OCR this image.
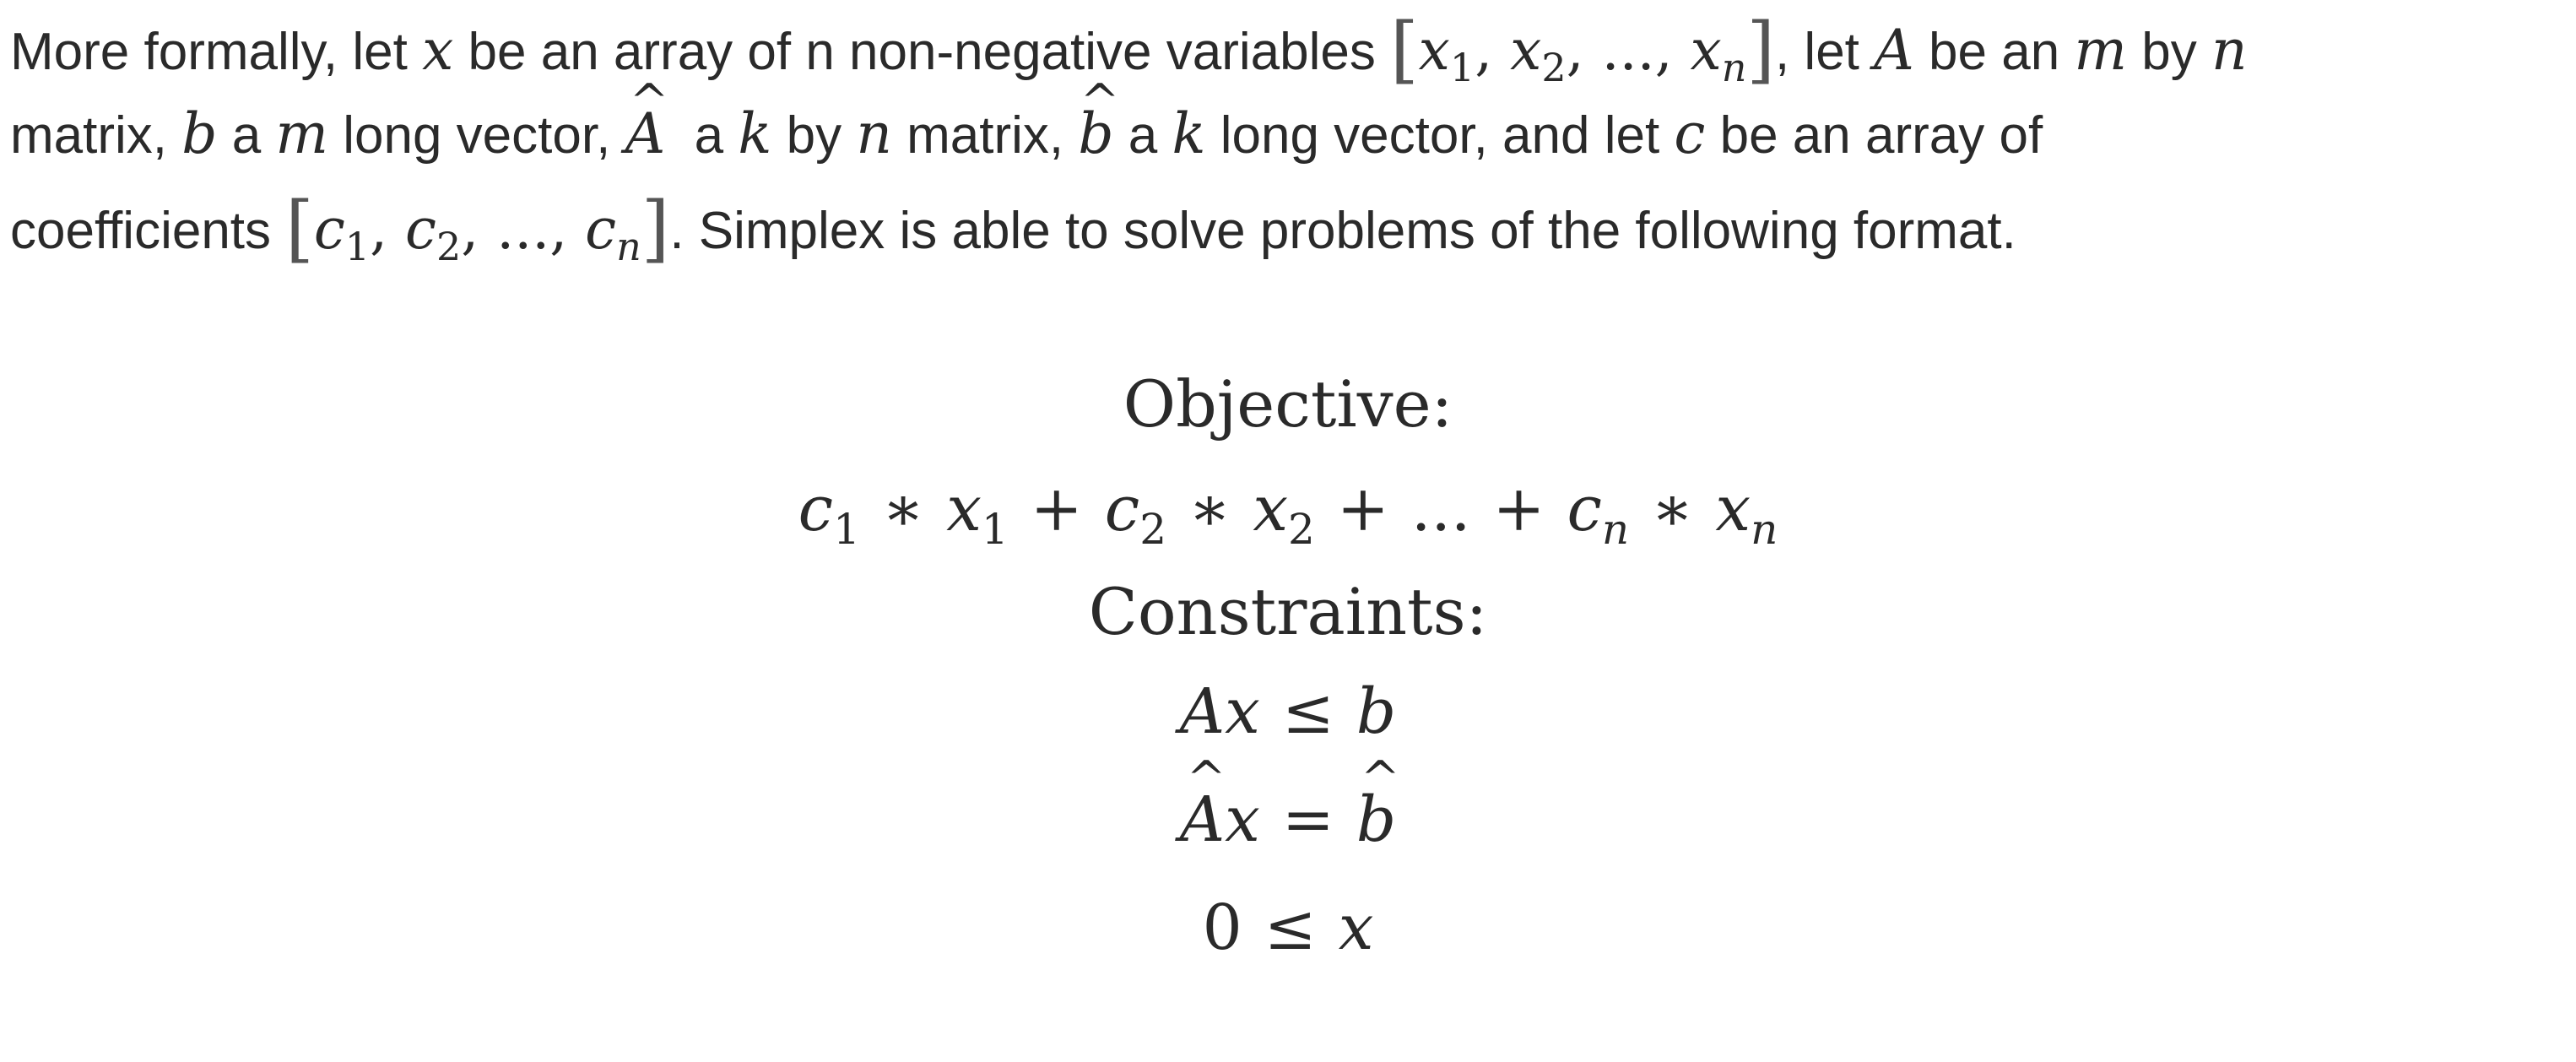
More formally, let x be an array of n non-negative variables [$x_1$, $x_2$, ..., $x_n$], let A be an m by n
matrix, b a m long vector, ^ A  a k by n matrix, ^ b a k long vector, and let c be an array of
coefficients [$c_1$, $c_2$, ..., $c_n$]. Simplex is able to solve problems of the following format.
Objective:
$c_1$ ∗ $x_1 + c_2$ ∗ $x_2$ + ... + $c_n$ ∗ $x_n$
Constraints:
Ax ≤ b
^ Ax =^ b
0 ≤ x
